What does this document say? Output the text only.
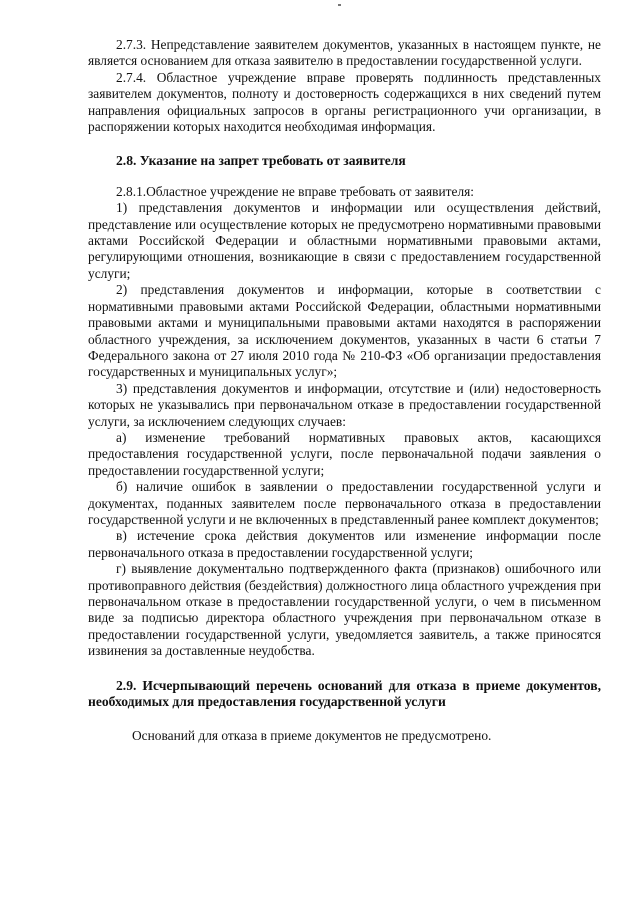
2.7.3. Непредставление заявителем документов, указанных в настоящем пункте, не является основанием для отказа заявителю в предоставлении государственной услуги.

2.7.4. Областное учреждение вправе проверять подлинность представленных заявителем документов, полноту и достоверность содержащихся в них сведений путем направления официальных запросов в органы регистрационного учи организации, в распоряжении которых находится необходимая информация.

2.8. Указание на запрет требовать от заявителя

2.8.1.Областное учреждение не вправе требовать от заявителя:

1) представления документов и информации или осуществления действий, представление или осуществление которых не предусмотрено нормативными правовыми актами Российской Федерации и областными нормативными правовыми актами, регулирующими отношения, возникающие в связи с предоставлением государственной услуги;

2) представления документов и информации, которые в соответствии с нормативными правовыми актами Российской Федерации, областными нормативными правовыми актами и муниципальными правовыми актами находятся в распоряжении областного учреждения, за исключением документов, указанных в части 6 статьи 7 Федерального закона от 27 июля 2010 года № 210-ФЗ «Об организации предоставления государственных и муниципальных услуг»;

3) представления документов и информации, отсутствие и (или) недостоверность которых не указывались при первоначальном отказе в предоставлении государственной услуги, за исключением следующих случаев:

а) изменение требований нормативных правовых актов, касающихся предоставления государственной услуги, после первоначальной подачи заявления о предоставлении государственной услуги;

б) наличие ошибок в заявлении о предоставлении государственной услуги и документах, поданных заявителем после первоначального отказа в предоставлении государственной услуги и не включенных в представленный ранее комплект документов;

в) истечение срока действия документов или изменение информации после первоначального отказа в предоставлении государственной услуги;

г) выявление документально подтвержденного факта (признаков) ошибочного или противоправного действия (бездействия) должностного лица областного учреждения при первоначальном отказе в предоставлении государственной услуги, о чем в письменном виде за подписью директора областного учреждения при первоначальном отказе в предоставлении государственной услуги, уведомляется заявитель, а также приносятся извинения за доставленные неудобства.

2.9. Исчерпывающий перечень оснований для отказа в приеме документов, необходимых для предоставления государственной услуги

Оснований для отказа в приеме документов не предусмотрено.
